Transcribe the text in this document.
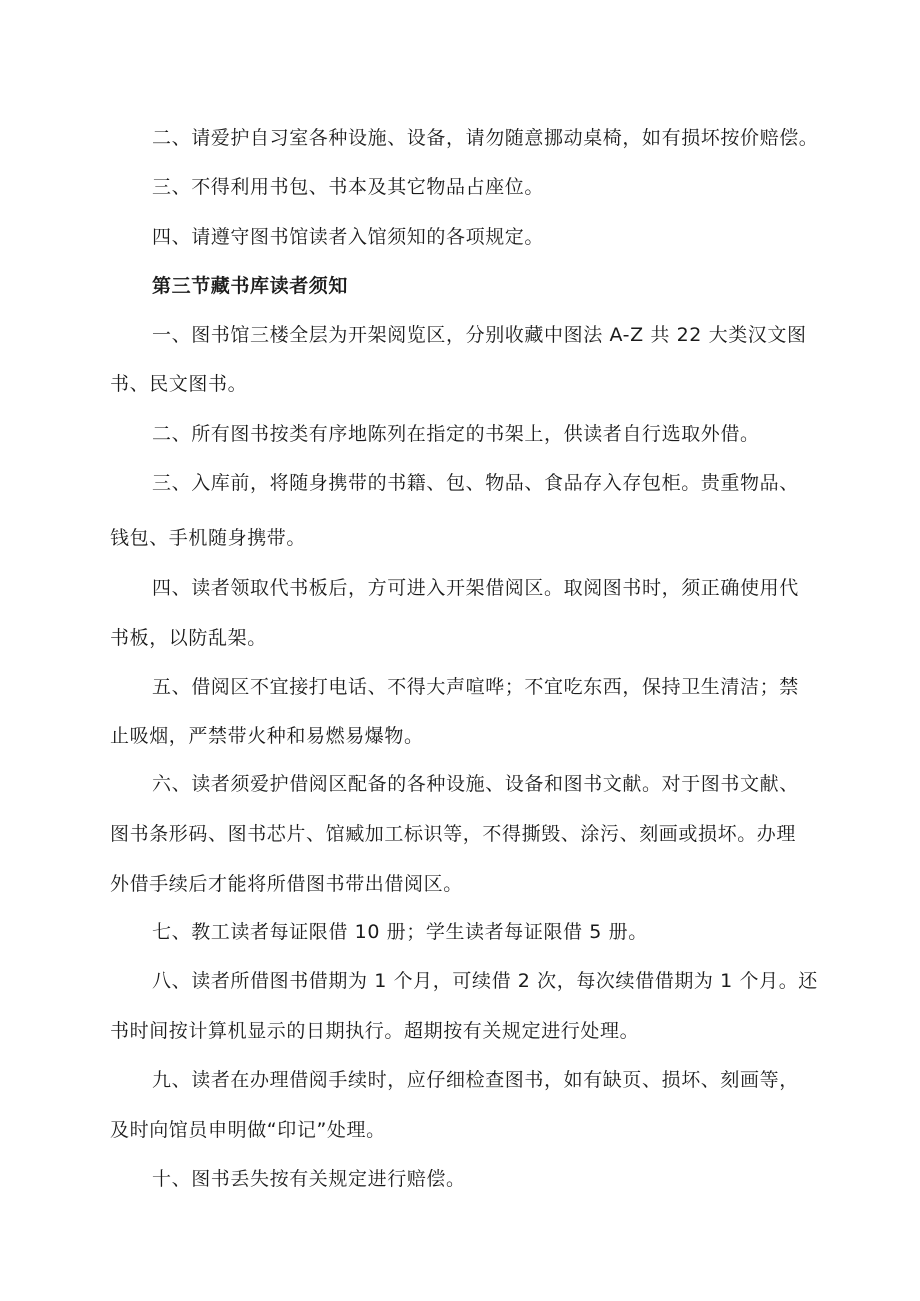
二、请爱护自习室各种设施、设备，请勿随意挪动桌椅，如有损坏按价赔偿。
三、不得利用书包、书本及其它物品占座位。
四、请遵守图书馆读者入馆须知的各项规定。
第三节藏书库读者须知
一、图书馆三楼全层为开架阅览区，分别收藏中图法 A-Z 共 22 大类汉文图
书、民文图书。
二、所有图书按类有序地陈列在指定的书架上，供读者自行选取外借。
三、入库前，将随身携带的书籍、包、物品、食品存入存包柜。贵重物品、
钱包、手机随身携带。
四、读者领取代书板后，方可进入开架借阅区。取阅图书时，须正确使用代
书板，以防乱架。
五、借阅区不宜接打电话、不得大声喧哗；不宜吃东西，保持卫生清洁；禁
止吸烟，严禁带火种和易燃易爆物。
六、读者须爱护借阅区配备的各种设施、设备和图书文献。对于图书文献、
图书条形码、图书芯片、馆臧加工标识等，不得撕毁、涂污、刻画或损坏。办理
外借手续后才能将所借图书带出借阅区。
七、教工读者每证限借 10 册；学生读者每证限借 5 册。
八、读者所借图书借期为 1 个月，可续借 2 次，每次续借借期为 1 个月。还
书时间按计算机显示的日期执行。超期按有关规定进行处理。
九、读者在办理借阅手续时，应仔细检查图书，如有缺页、损坏、刻画等，
及时向馆员申明做“印记”处理。
十、图书丢失按有关规定进行赔偿。
